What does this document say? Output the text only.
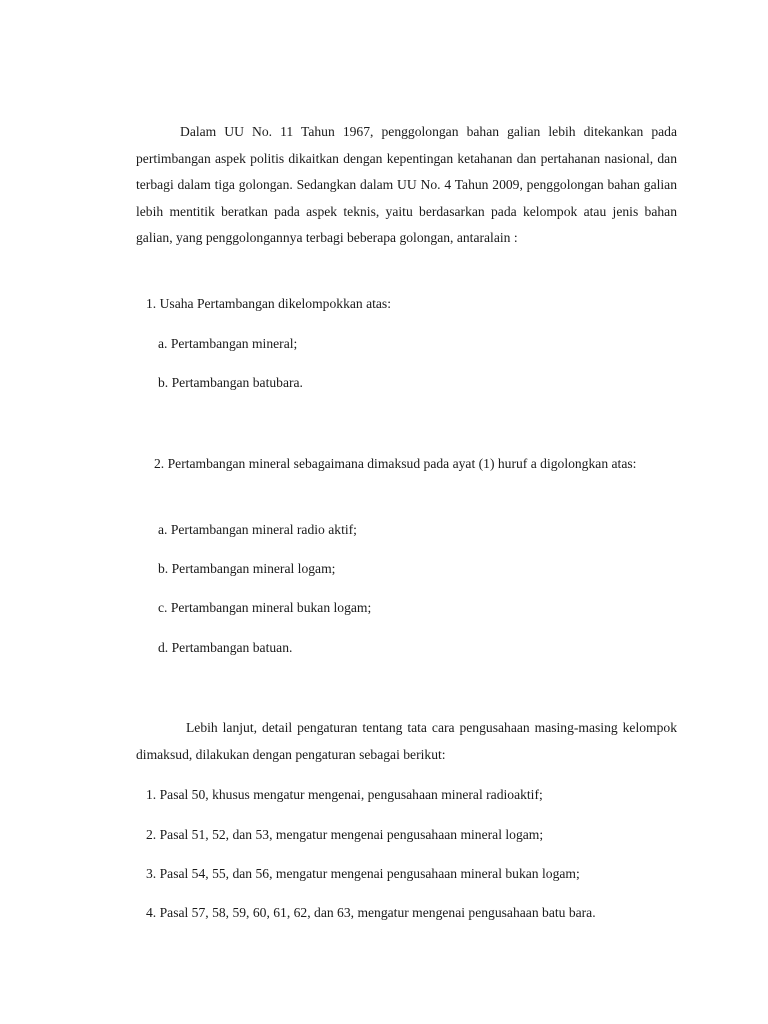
Dalam UU No. 11 Tahun 1967, penggolongan bahan galian lebih ditekankan pada pertimbangan aspek politis dikaitkan dengan kepentingan ketahanan dan pertahanan nasional, dan terbagi dalam tiga golongan. Sedangkan dalam UU No. 4 Tahun 2009, penggolongan bahan galian lebih mentitik beratkan pada aspek teknis, yaitu berdasarkan pada kelompok atau jenis bahan galian, yang penggolongannya terbagi beberapa golongan, antaralain :

1. Usaha Pertambangan dikelompokkan atas:

a. Pertambangan mineral;

b. Pertambangan batubara.

2. Pertambangan mineral sebagaimana dimaksud pada ayat (1) huruf a digolongkan atas:

a. Pertambangan mineral radio aktif;

b. Pertambangan mineral logam;

c. Pertambangan mineral bukan logam;

d. Pertambangan batuan.

Lebih lanjut, detail pengaturan tentang tata cara pengusahaan masing-masing kelompok dimaksud, dilakukan dengan pengaturan sebagai berikut:

1. Pasal 50, khusus mengatur mengenai, pengusahaan mineral radioaktif;

2. Pasal 51, 52, dan 53, mengatur mengenai pengusahaan mineral logam;

3. Pasal 54, 55, dan 56, mengatur mengenai pengusahaan mineral bukan logam;

4. Pasal 57, 58, 59, 60, 61, 62, dan 63, mengatur mengenai pengusahaan batu bara.
